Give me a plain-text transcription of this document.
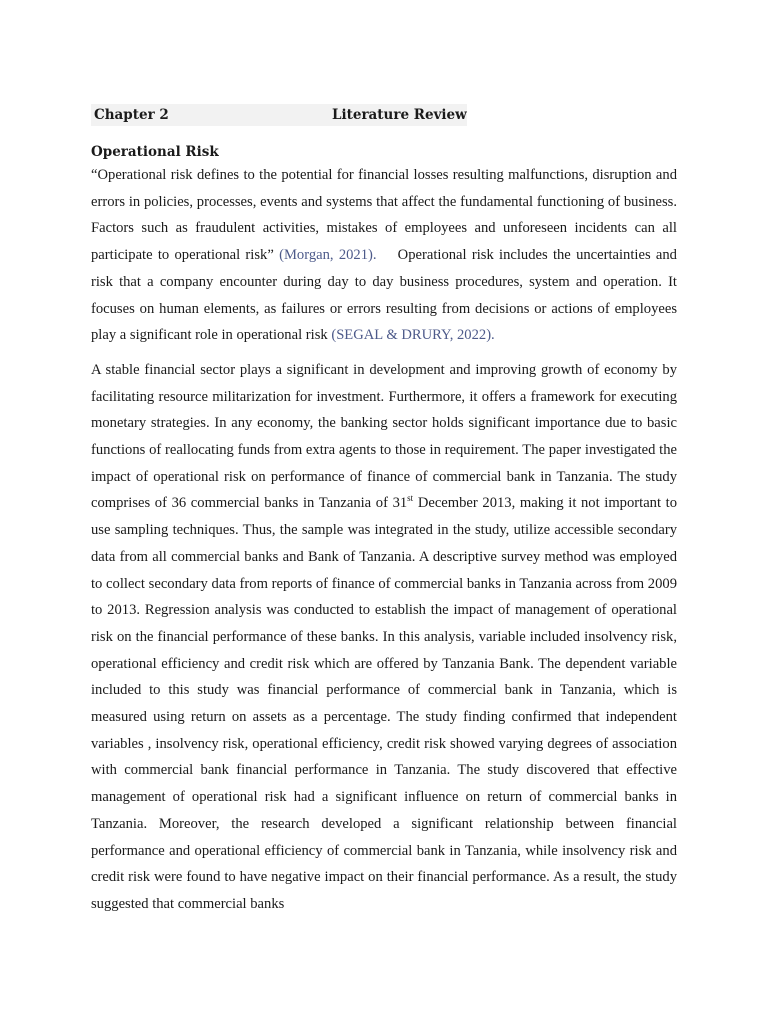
Chapter 2	Literature Review
Operational Risk

“Operational risk defines to the potential for financial losses resulting malfunctions, disruption and errors in policies, processes, events and systems that affect the fundamental functioning of business. Factors such as fraudulent activities, mistakes of employees and unforeseen incidents can all participate to operational risk” (Morgan, 2021).    Operational risk includes the uncertainties and risk that a company encounter during day to day business procedures, system and operation. It   focuses on human elements, as failures or errors resulting from decisions or actions of employees play a significant role in operational risk (SEGAL & DRURY, 2022).

A stable financial sector plays a significant in development and improving growth of economy by facilitating resource militarization for investment. Furthermore, it offers a framework for executing monetary strategies. In any economy, the banking sector holds significant importance due to basic functions of reallocating funds from extra agents to those in requirement. The paper investigated the impact of operational risk on performance of finance of commercial bank in Tanzania. The study comprises of 36 commercial banks in Tanzania of 31st December 2013, making it not important to use sampling techniques. Thus, the sample was integrated in the study, utilize accessible secondary data from all commercial banks and Bank of Tanzania. A descriptive survey method was employed to collect secondary data from reports of finance of commercial banks in Tanzania across from 2009 to 2013. Regression analysis was conducted to establish the impact of management of operational risk on the financial performance of these banks. In this analysis, variable included insolvency risk, operational efficiency and credit risk which are offered by Tanzania Bank. The dependent variable included to this study was financial performance of commercial bank in Tanzania, which is measured using return on assets as a percentage. The study finding confirmed that independent variables , insolvency risk, operational efficiency, credit risk showed varying degrees of association with commercial bank financial performance in Tanzania. The study discovered that effective management of operational risk had a significant influence on return of commercial banks in Tanzania. Moreover, the research developed a significant relationship between financial performance and operational efficiency of commercial bank in Tanzania, while insolvency risk and credit risk were found to have negative impact on their financial performance. As a result, the study suggested that commercial banks
